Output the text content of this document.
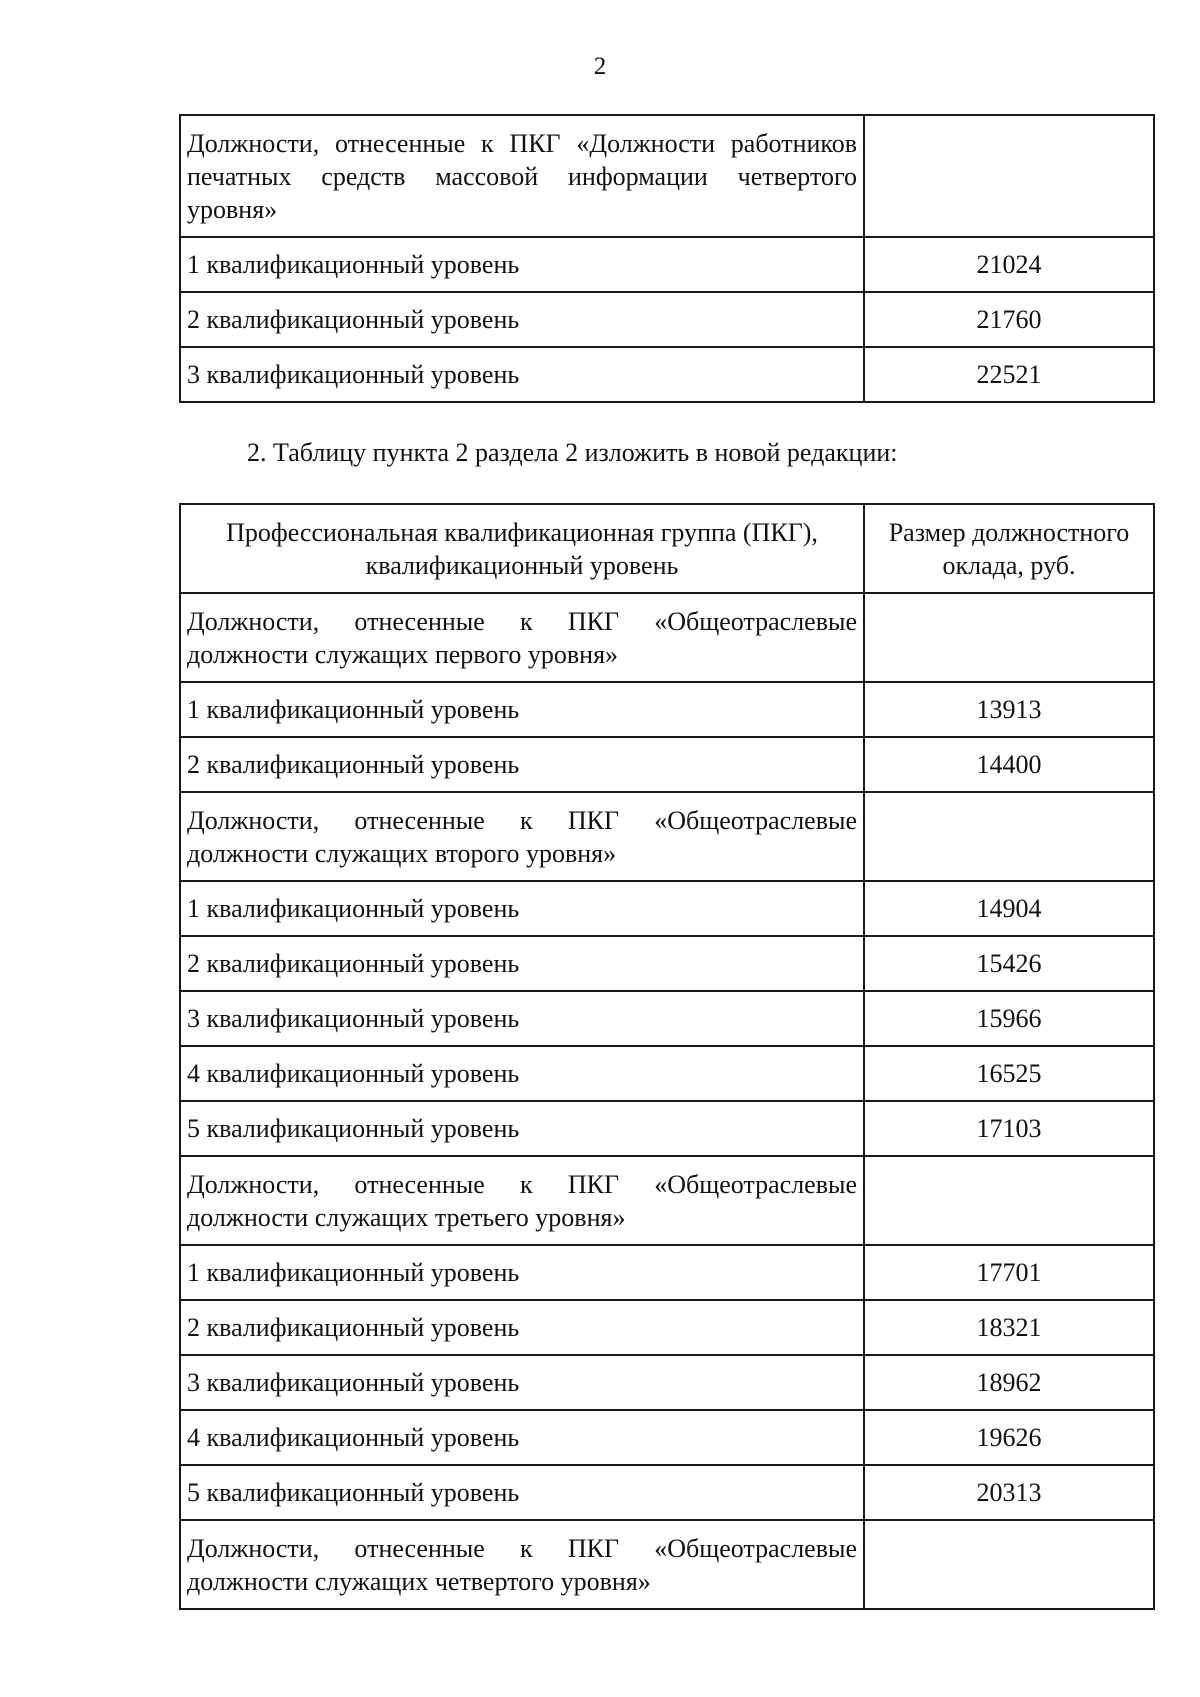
2
Должности, отнесенные к ПКГ «Должности работников печатных средств массовой информации четвертого уровня»	
1 квалификационный уровень	21024
2 квалификационный уровень	21760
3 квалификационный уровень	22521
2. Таблицу пункта 2 раздела 2 изложить в новой редакции:
Профессиональная квалификационная группа (ПКГ), квалификационный уровень	Размер должностного оклада, руб.
Должности, отнесенные к ПКГ «Общеотраслевые должности служащих первого уровня»	
1 квалификационный уровень	13913
2 квалификационный уровень	14400
Должности, отнесенные к ПКГ «Общеотраслевые должности служащих второго уровня»	
1 квалификационный уровень	14904
2 квалификационный уровень	15426
3 квалификационный уровень	15966
4 квалификационный уровень	16525
5 квалификационный уровень	17103
Должности, отнесенные к ПКГ «Общеотраслевые должности служащих третьего уровня»	
1 квалификационный уровень	17701
2 квалификационный уровень	18321
3 квалификационный уровень	18962
4 квалификационный уровень	19626
5 квалификационный уровень	20313
Должности, отнесенные к ПКГ «Общеотраслевые должности служащих четвертого уровня»	
